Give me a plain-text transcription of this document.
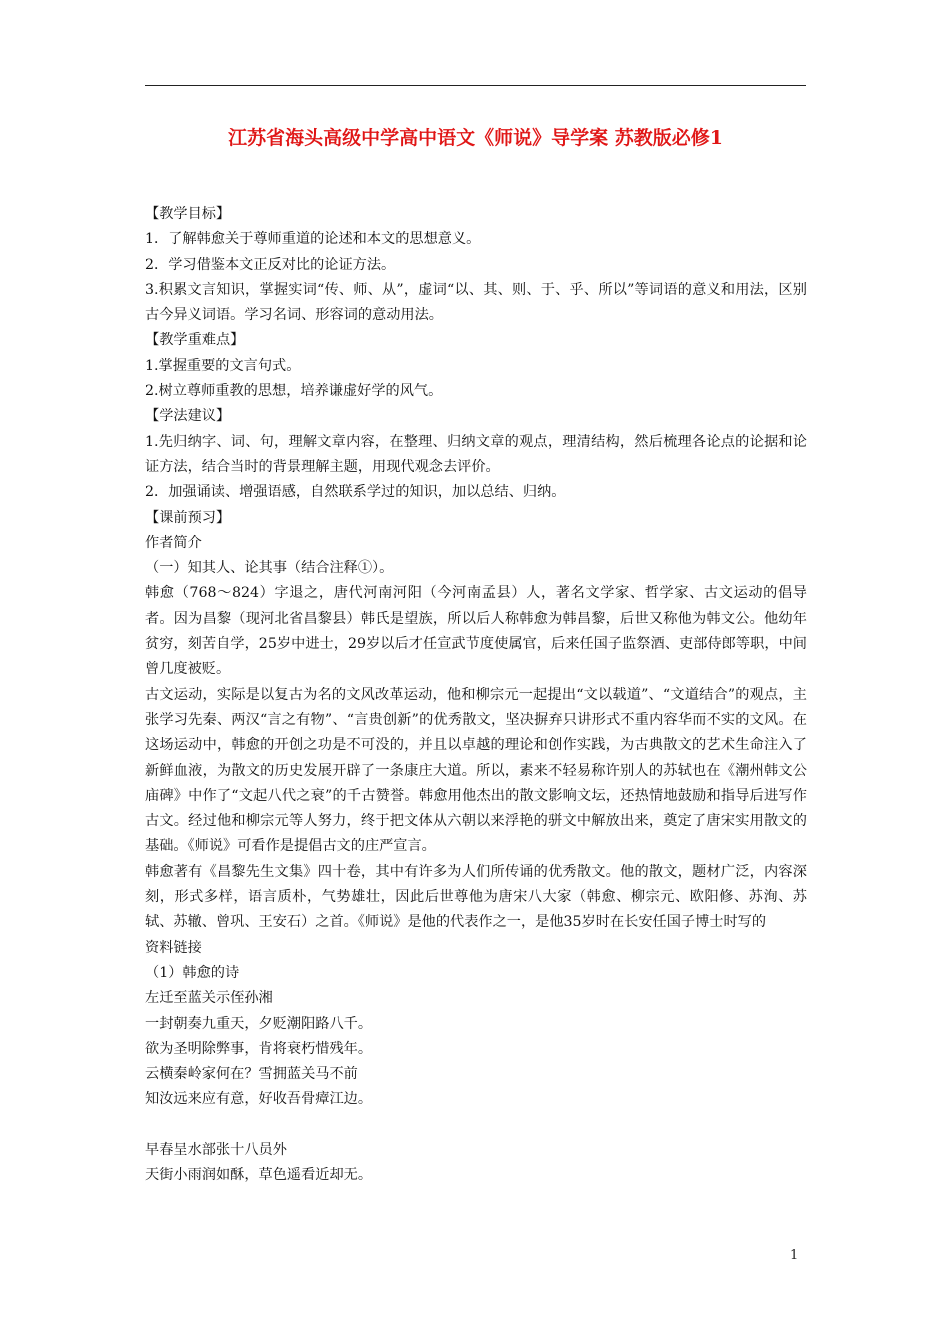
江苏省海头高级中学高中语文《师说》导学案 苏教版必修1

【教学目标】

1．了解韩愈关于尊师重道的论述和本文的思想意义。

2．学习借鉴本文正反对比的论证方法。

3.积累文言知识，掌握实词“传、师、从”，虚词“以、其、则、于、乎、所以”等词语的意义和用法，区别古今异义词语。学习名词、形容词的意动用法。

【教学重难点】

1.掌握重要的文言句式。

2.树立尊师重教的思想，培养谦虚好学的风气。

【学法建议】

1.先归纳字、词、句，理解文章内容，在整理、归纳文章的观点，理清结构，然后梳理各论点的论据和论证方法，结合当时的背景理解主题，用现代观念去评价。

2．加强诵读、增强语感，自然联系学过的知识，加以总结、归纳。

【课前预习】

作者简介

（一）知其人、论其事（结合注释①）。

韩愈（768～824）字退之，唐代河南河阳（今河南孟县）人，著名文学家、哲学家、古文运动的倡导者。因为昌黎（现河北省昌黎县）韩氏是望族，所以后人称韩愈为韩昌黎，后世又称他为韩文公。他幼年贫穷，刻苦自学，25岁中进士，29岁以后才任宣武节度使属官，后来任国子监祭酒、吏部侍郎等职，中间曾几度被贬。

古文运动，实际是以复古为名的文风改革运动，他和柳宗元一起提出“文以载道”、“文道结合”的观点，主张学习先秦、两汉“言之有物”、“言贵创新”的优秀散文，坚决摒弃只讲形式不重内容华而不实的文风。在这场运动中，韩愈的开创之功是不可没的，并且以卓越的理论和创作实践，为古典散文的艺术生命注入了新鲜血液，为散文的历史发展开辟了一条康庄大道。所以，素来不轻易称许别人的苏轼也在《潮州韩文公庙碑》中作了“文起八代之衰”的千古赞誉。韩愈用他杰出的散文影响文坛，还热情地鼓励和指导后进写作古文。经过他和柳宗元等人努力，终于把文体从六朝以来浮艳的骈文中解放出来，奠定了唐宋实用散文的基础。《师说》可看作是提倡古文的庄严宣言。

韩愈著有《昌黎先生文集》四十卷，其中有许多为人们所传诵的优秀散文。他的散文，题材广泛，内容深刻，形式多样，语言质朴，气势雄壮，因此后世尊他为唐宋八大家（韩愈、柳宗元、欧阳修、苏洵、苏轼、苏辙、曾巩、王安石）之首。《师说》是他的代表作之一，是他35岁时在长安任国子博士时写的

资料链接

（1）韩愈的诗

左迁至蓝关示侄孙湘

一封朝奏九重天，夕贬潮阳路八千。

欲为圣明除弊事，肯将衰朽惜残年。

云横秦岭家何在？雪拥蓝关马不前

知汝远来应有意，好收吾骨瘴江边。

早春呈水部张十八员外

天街小雨润如酥，草色遥看近却无。

1
